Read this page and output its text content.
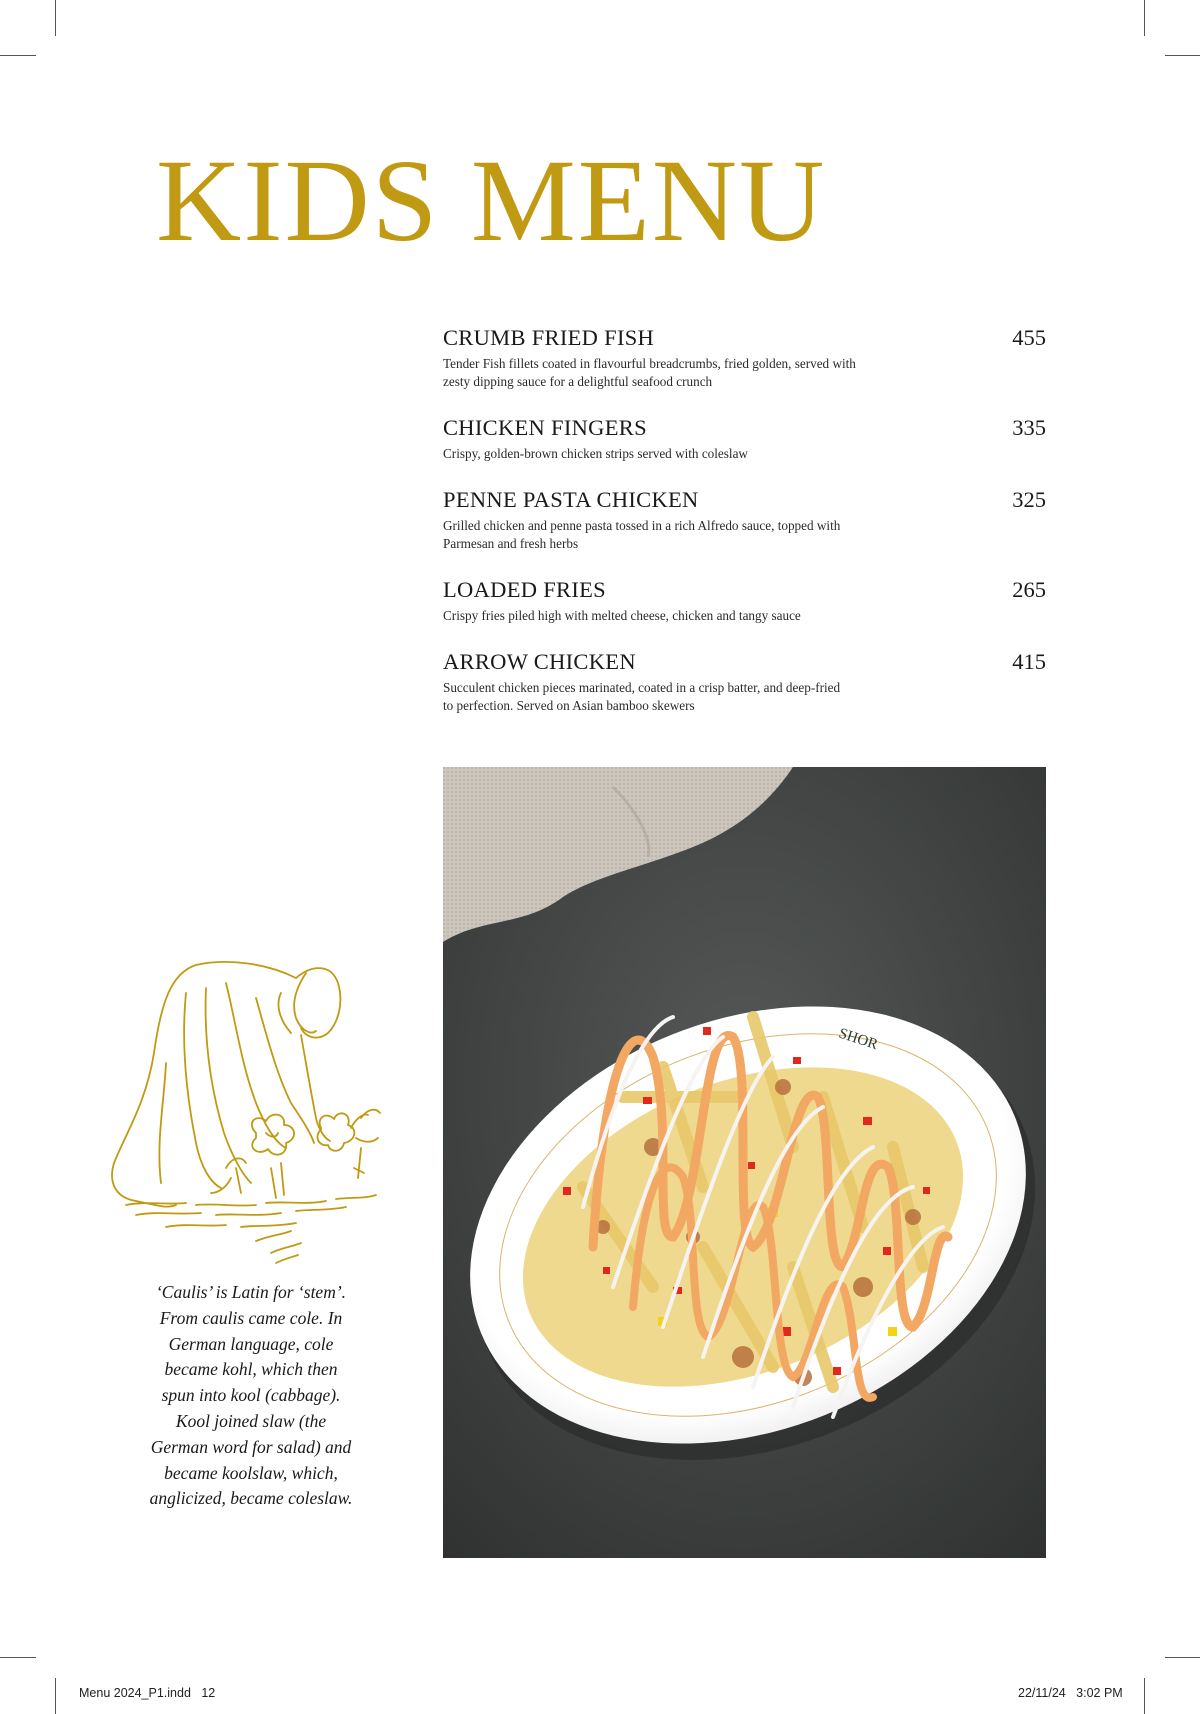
KIDS MENU
CRUMB FRIED FISH	455
Tender Fish fillets coated in flavourful breadcrumbs, fried golden, served with zesty dipping sauce for a delightful seafood crunch
CHICKEN FINGERS	335
Crispy, golden-brown chicken strips served with coleslaw
PENNE PASTA CHICKEN	325
Grilled chicken and penne pasta tossed in a rich Alfredo sauce, topped with Parmesan and fresh herbs
LOADED FRIES	265
Crispy fries piled high with melted cheese, chicken and tangy sauce
ARROW CHICKEN	415
Succulent chicken pieces marinated, coated in a crisp batter, and deep-fried to perfection. Served on Asian bamboo skewers
SHOR
‘Caulis’ is Latin for ‘stem’. From caulis came cole. In German language, cole became kohl, which then spun into kool (cabbage). Kool joined slaw (the German word for salad) and became koolslaw, which, anglicized, became coleslaw.
Menu 2024_P1.indd   12	22/11/24   3:02 PM
